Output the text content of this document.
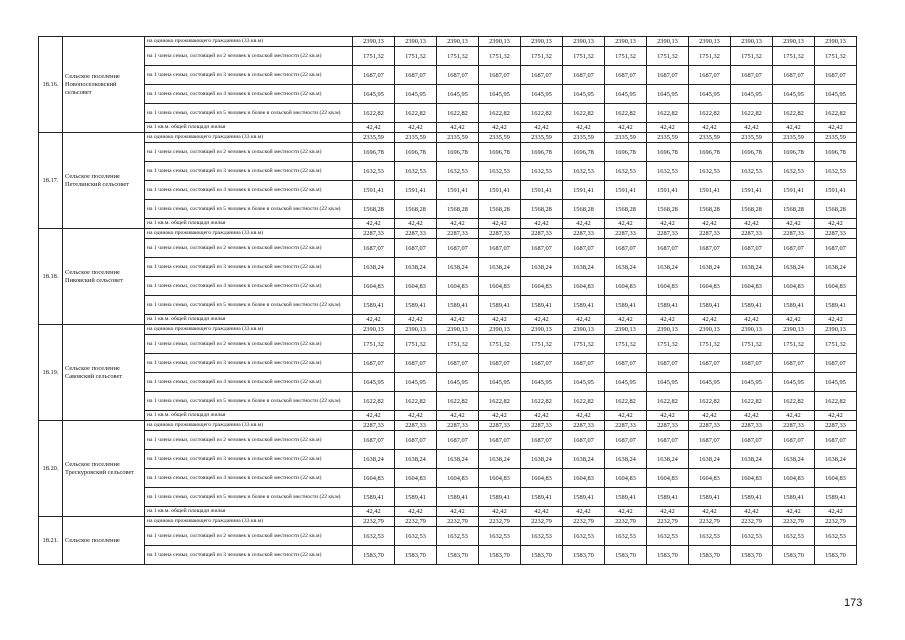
18.16.	Сельское поселение Новопоселковский сельсовет	на одиноко проживающего гражданина (33 кв.м)	2390,13	2390,13	2390,13	2390,13	2390,13	2390,13	2390,13	2390,13	2390,13	2390,13	2390,13	2390,13
		на 1 члена семьи, состоящей из 2 человек в сельской местности (22 кв.м)	1751,32	1751,32	1751,32	1751,32	1751,32	1751,32	1751,32	1751,32	1751,32	1751,32	1751,32	1751,32
		на 1 члена семьи, состоящей из 3 человек в сельской местности (22 кв.м)	1687,07	1687,07	1687,07	1687,07	1687,07	1687,07	1687,07	1687,07	1687,07	1687,07	1687,07	1687,07
		на 1 члена семьи, состоящей из 4 человек в сельской местности (22 кв.м)	1645,95	1645,95	1645,95	1645,95	1645,95	1645,95	1645,95	1645,95	1645,95	1645,95	1645,95	1645,95
		на 1 члена семьи, состоящей из 5 человек и более в сельской местности (22 кв.м)	1622,82	1622,82	1622,82	1622,82	1622,82	1622,82	1622,82	1622,82	1622,82	1622,82	1622,82	1622,82
		на 1 кв.м. общей площади жилья	42,42	42,42	42,42	42,42	42,42	42,42	42,42	42,42	42,42	42,42	42,42	42,42
18.17.	Сельское поселение Петелинский сельсовет	на одиноко проживающего гражданина (33 кв.м)	2335,59	2335,59	2335,59	2335,59	2335,59	2335,59	2335,59	2335,59	2335,59	2335,59	2335,59	2335,59
		на 1 члена семьи, состоящей из 2 человек в сельской местности (22 кв.м)	1696,78	1696,78	1696,78	1696,78	1696,78	1696,78	1696,78	1696,78	1696,78	1696,78	1696,78	1696,78
		на 1 члена семьи, состоящей из 3 человек в сельской местности (22 кв.м)	1632,53	1632,53	1632,53	1632,53	1632,53	1632,53	1632,53	1632,53	1632,53	1632,53	1632,53	1632,53
		на 1 члена семьи, состоящей из 4 человек в сельской местности (22 кв.м)	1591,41	1591,41	1591,41	1591,41	1591,41	1591,41	1591,41	1591,41	1591,41	1591,41	1591,41	1591,41
		на 1 члена семьи, состоящей из 5 человек и более в сельской местности (22 кв.м)	1568,28	1568,28	1568,28	1568,28	1568,28	1568,28	1568,28	1568,28	1568,28	1568,28	1568,28	1568,28
		на 1 кв.м. общей площади жилья	42,42	42,42	42,42	42,42	42,42	42,42	42,42	42,42	42,42	42,42	42,42	42,42
18.18.	Сельское поселение Пиковский сельсовет	на одиноко проживающего гражданина (33 кв.м)	2287,33	2287,33	2287,33	2287,33	2287,33	2287,33	2287,33	2287,33	2287,33	2287,33	2287,33	2287,33
		на 1 члена семьи, состоящей из 2 человек в сельской местности (22 кв.м)	1687,07	1687,07	1687,07	1687,07	1687,07	1687,07	1687,07	1687,07	1687,07	1687,07	1687,07	1687,07
		на 1 члена семьи, состоящей из 3 человек в сельской местности (22 кв.м)	1638,24	1638,24	1638,24	1638,24	1638,24	1638,24	1638,24	1638,24	1638,24	1638,24	1638,24	1638,24
		на 1 члена семьи, состоящей из 4 человек в сельской местности (22 кв.м)	1604,83	1604,83	1604,83	1604,83	1604,83	1604,83	1604,83	1604,83	1604,83	1604,83	1604,83	1604,83
		на 1 члена семьи, состоящей из 5 человек и более в сельской местности (22 кв.м)	1589,41	1589,41	1589,41	1589,41	1589,41	1589,41	1589,41	1589,41	1589,41	1589,41	1589,41	1589,41
		на 1 кв.м. общей площади жилья	42,42	42,42	42,42	42,42	42,42	42,42	42,42	42,42	42,42	42,42	42,42	42,42
18.19.	Сельское поселение Савовский сельсовет	на одиноко проживающего гражданина (33 кв.м)	2390,13	2390,13	2390,13	2390,13	2390,13	2390,13	2390,13	2390,13	2390,13	2390,13	2390,13	2390,13
		на 1 члена семьи, состоящей из 2 человек в сельской местности (22 кв.м)	1751,32	1751,32	1751,32	1751,32	1751,32	1751,32	1751,32	1751,32	1751,32	1751,32	1751,32	1751,32
		на 1 члена семьи, состоящей из 3 человек в сельской местности (22 кв.м)	1687,07	1687,07	1687,07	1687,07	1687,07	1687,07	1687,07	1687,07	1687,07	1687,07	1687,07	1687,07
		на 1 члена семьи, состоящей из 4 человек в сельской местности (22 кв.м)	1645,95	1645,95	1645,95	1645,95	1645,95	1645,95	1645,95	1645,95	1645,95	1645,95	1645,95	1645,95
		на 1 члена семьи, состоящей из 5 человек и более в сельской местности (22 кв.м)	1622,82	1622,82	1622,82	1622,82	1622,82	1622,82	1622,82	1622,82	1622,82	1622,82	1622,82	1622,82
		на 1 кв.м. общей площади жилья	42,42	42,42	42,42	42,42	42,42	42,42	42,42	42,42	42,42	42,42	42,42	42,42
18.20.	Сельское поселение Трескуровский сельсовет	на одиноко проживающего гражданина (33 кв.м)	2287,33	2287,33	2287,33	2287,33	2287,33	2287,33	2287,33	2287,33	2287,33	2287,33	2287,33	2287,33
		на 1 члена семьи, состоящей из 2 человек в сельской местности (22 кв.м)	1687,07	1687,07	1687,07	1687,07	1687,07	1687,07	1687,07	1687,07	1687,07	1687,07	1687,07	1687,07
		на 1 члена семьи, состоящей из 3 человек в сельской местности (22 кв.м)	1638,24	1638,24	1638,24	1638,24	1638,24	1638,24	1638,24	1638,24	1638,24	1638,24	1638,24	1638,24
		на 1 члена семьи, состоящей из 4 человек в сельской местности (22 кв.м)	1604,83	1604,83	1604,83	1604,83	1604,83	1604,83	1604,83	1604,83	1604,83	1604,83	1604,83	1604,83
		на 1 члена семьи, состоящей из 5 человек и более в сельской местности (22 кв.м)	1589,41	1589,41	1589,41	1589,41	1589,41	1589,41	1589,41	1589,41	1589,41	1589,41	1589,41	1589,41
		на 1 кв.м. общей площади жилья	42,42	42,42	42,42	42,42	42,42	42,42	42,42	42,42	42,42	42,42	42,42	42,42
18.21.	Сельское поселение	на одиноко проживающего гражданина (33 кв.м)	2232,79	2232,79	2232,79	2232,79	2232,79	2232,79	2232,79	2232,79	2232,79	2232,79	2232,79	2232,79
		на 1 члена семьи, состоящей из 2 человек в сельской местности (22 кв.м)	1632,53	1632,53	1632,53	1632,53	1632,53	1632,53	1632,53	1632,53	1632,53	1632,53	1632,53	1632,53
		на 1 члена семьи, состоящей из 3 человек в сельской местности (22 кв.м)	1583,70	1583,70	1583,70	1583,70	1583,70	1583,70	1583,70	1583,70	1583,70	1583,70	1583,70	1583,70
173
